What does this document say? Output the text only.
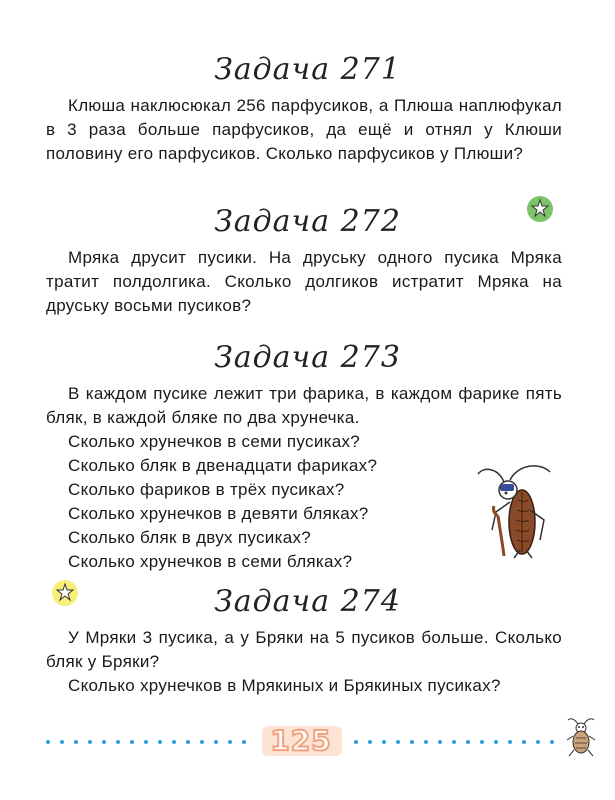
Задача 271

Клюша наклюсюкал 256 парфусиков, а Плюша наплюфукал в 3 раза больше парфусиков, да ещё и отнял у Клюши половину его парфусиков. Сколько парфусиков у Плюши?

Задача 272

Мряка друсит пусики. На друську одного пусика Мряка тратит полдолгика. Сколько долгиков истратит Мряка на друську восьми пусиков?

Задача 273

В каждом пусике лежит три фарика, в каждом фарике пять бляк, в каждой бляке по два хрунечка.

Сколько хрунечков в семи пусиках?
Сколько бляк в двенадцати фариках?
Сколько фариков в трёх пусиках?
Сколько хрунечков в девяти бляках?
Сколько бляк в двух пусиках?
Сколько хрунечков в семи бляках?
Задача 274

У Мряки 3 пусика, а у Бряки на 5 пусиков больше. Сколько бляк у Бряки?

Сколько хрунечков в Мрякиных и Брякиных пусиках?
125
